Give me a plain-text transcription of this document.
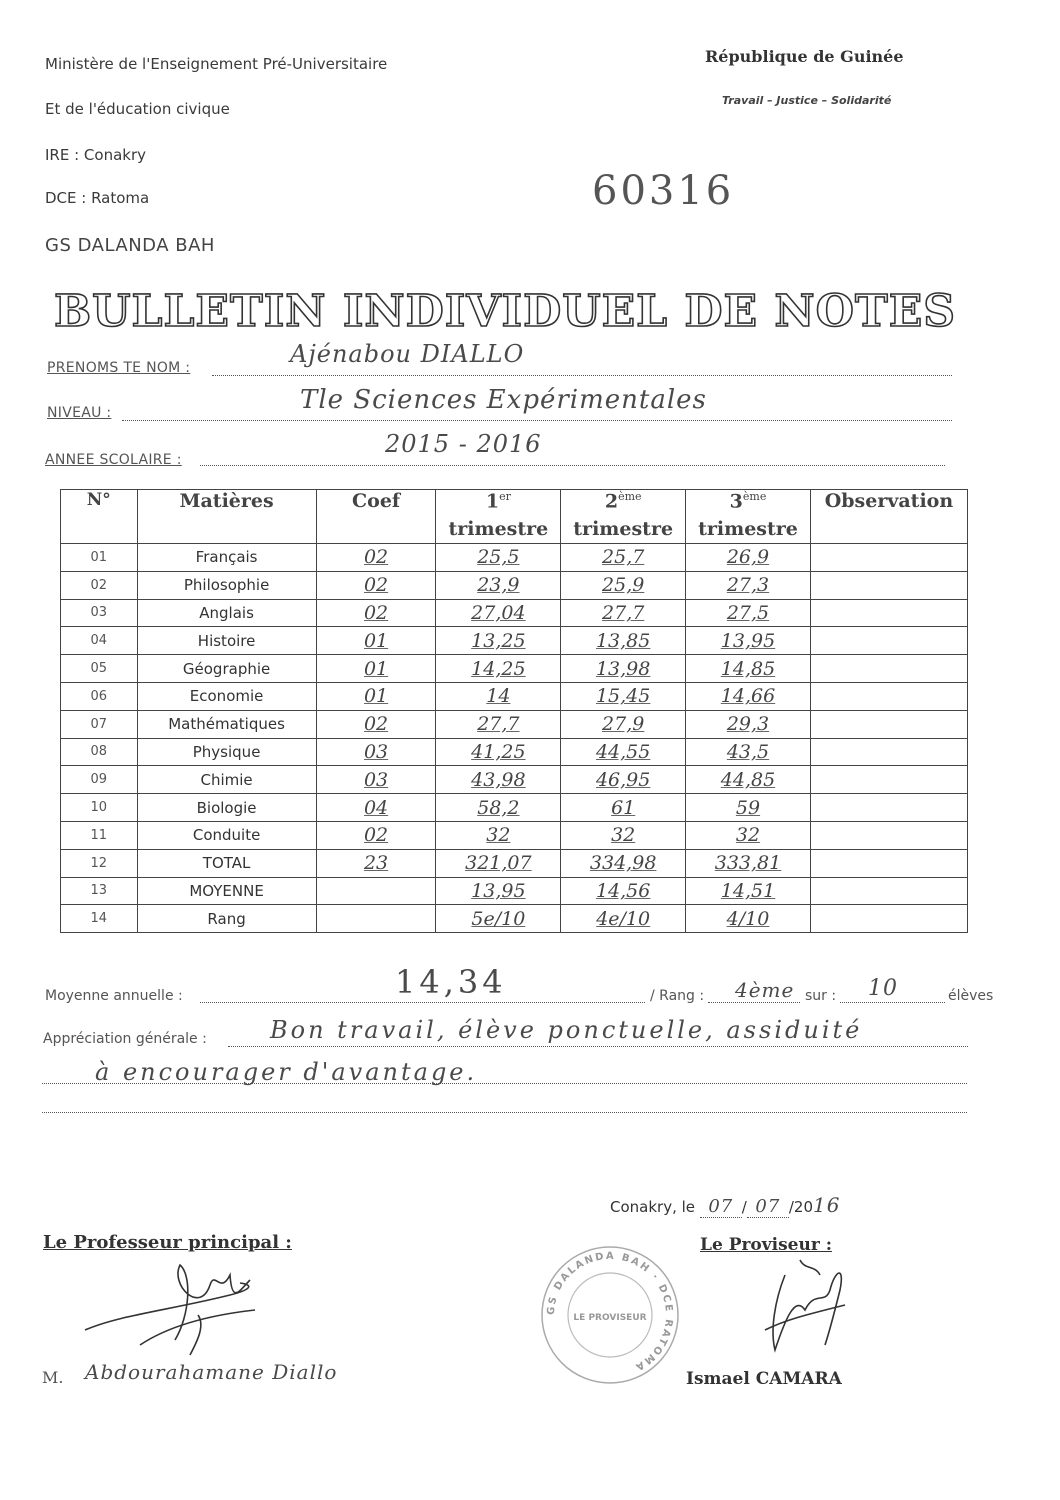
Ministère de l'Enseignement Pré-Universitaire
Et de l'éducation civique
IRE : Conakry
DCE : Ratoma
GS DALANDA BAH
République de Guinée
Travail – Justice – Solidarité
60316
BULLETIN INDIVIDUEL DE NOTES
PRENOMS TE NOM :	Ajénabou DIALLO
NIVEAU :	Tle Sciences Expérimentales
ANNEE SCOLAIRE :
2015 - 2016
N°	Matières	Coef	1er	2ème	3ème	Observation
			trimestre	trimestre	trimestre	
01	Français	02	25,5	25,7	26,9	
02	Philosophie	02	23,9	25,9	27,3	
03	Anglais	02	27,04	27,7	27,5	
04	Histoire	01	13,25	13,85	13,95	
05	Géographie	01	14,25	13,98	14,85	
06	Economie	01	14	15,45	14,66	
07	Mathématiques	02	27,7	27,9	29,3	
08	Physique	03	41,25	44,55	43,5	
09	Chimie	03	43,98	46,95	44,85	
10	Biologie	04	58,2	61	59	
11	Conduite	02	32	32	32	
12	TOTAL	23	321,07	334,98	333,81	
13	MOYENNE		13,95	14,56	14,51	
14	Rang		5e/10	4e/10	4/10	
Moyenne annuelle :	14,34	/ Rang : 4ème sur : 10	élèves
Appréciation générale :	Bon travail, élève ponctuelle, assiduité
à encourager d'avantage.
Conakry, le 07 / 07 /2016
Le Professeur principal :	Le Proviseur :
GS DALANDA BAH · DCE RATOMA
LE PROVISEUR
M. Abdourahamane Diallo	Ismael CAMARA
